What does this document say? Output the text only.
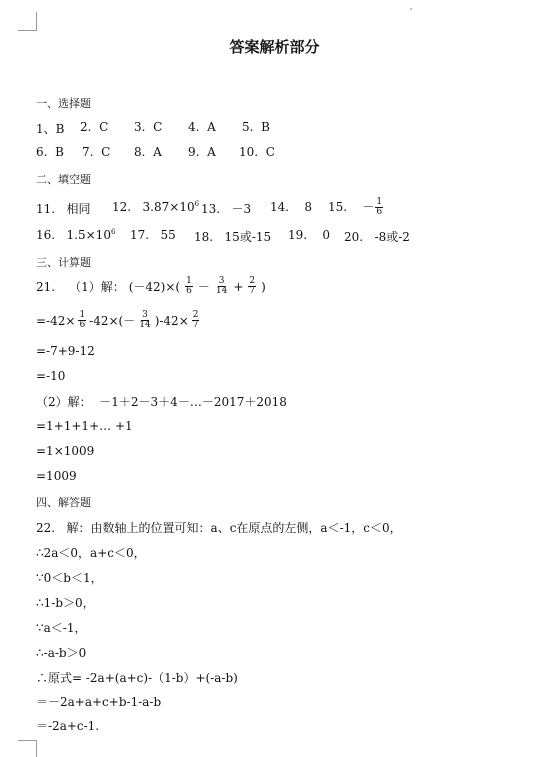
答案解析部分
一、选择题
1、B 2. C 3. C 4. A 5. B
6. B 7. C 8. A 9. A 10. C
二、填空题
11. 相同 12. $3.87\times 10^6$ 13. －3 14. 8 15. － $\frac{1}{6}$
16. $1.5\times 10^6$ 17. 55 18. 15或-15 19. 0 20. -8或-2
三、计算题
21. （1）解： $(-42)\times( \frac{1}{6} - \frac{3}{14} + \frac{2}{7}$ )
$=-42\times \frac{1}{6} -42\times(- \frac{3}{14} )-42\times \frac{2}{7}$
=-7+9-12
=-10
（2）解： －1＋2－3＋4－…－2017＋2018
=1+1+1+… +1
=1×1009
=1009
四、解答题
22. 解：由数轴上的位置可知：a、c在原点的左侧，a＜-1，c＜0，
∴2a＜0，a+c＜0，
∵0＜b＜1，
∴1-b＞0，
∵a＜-1，
∴-a-b＞0
∴原式= -2a+(a+c)-（1-b）+(-a-b)
＝－2a+a+c+b-1-a-b
＝-2a+c-1.
